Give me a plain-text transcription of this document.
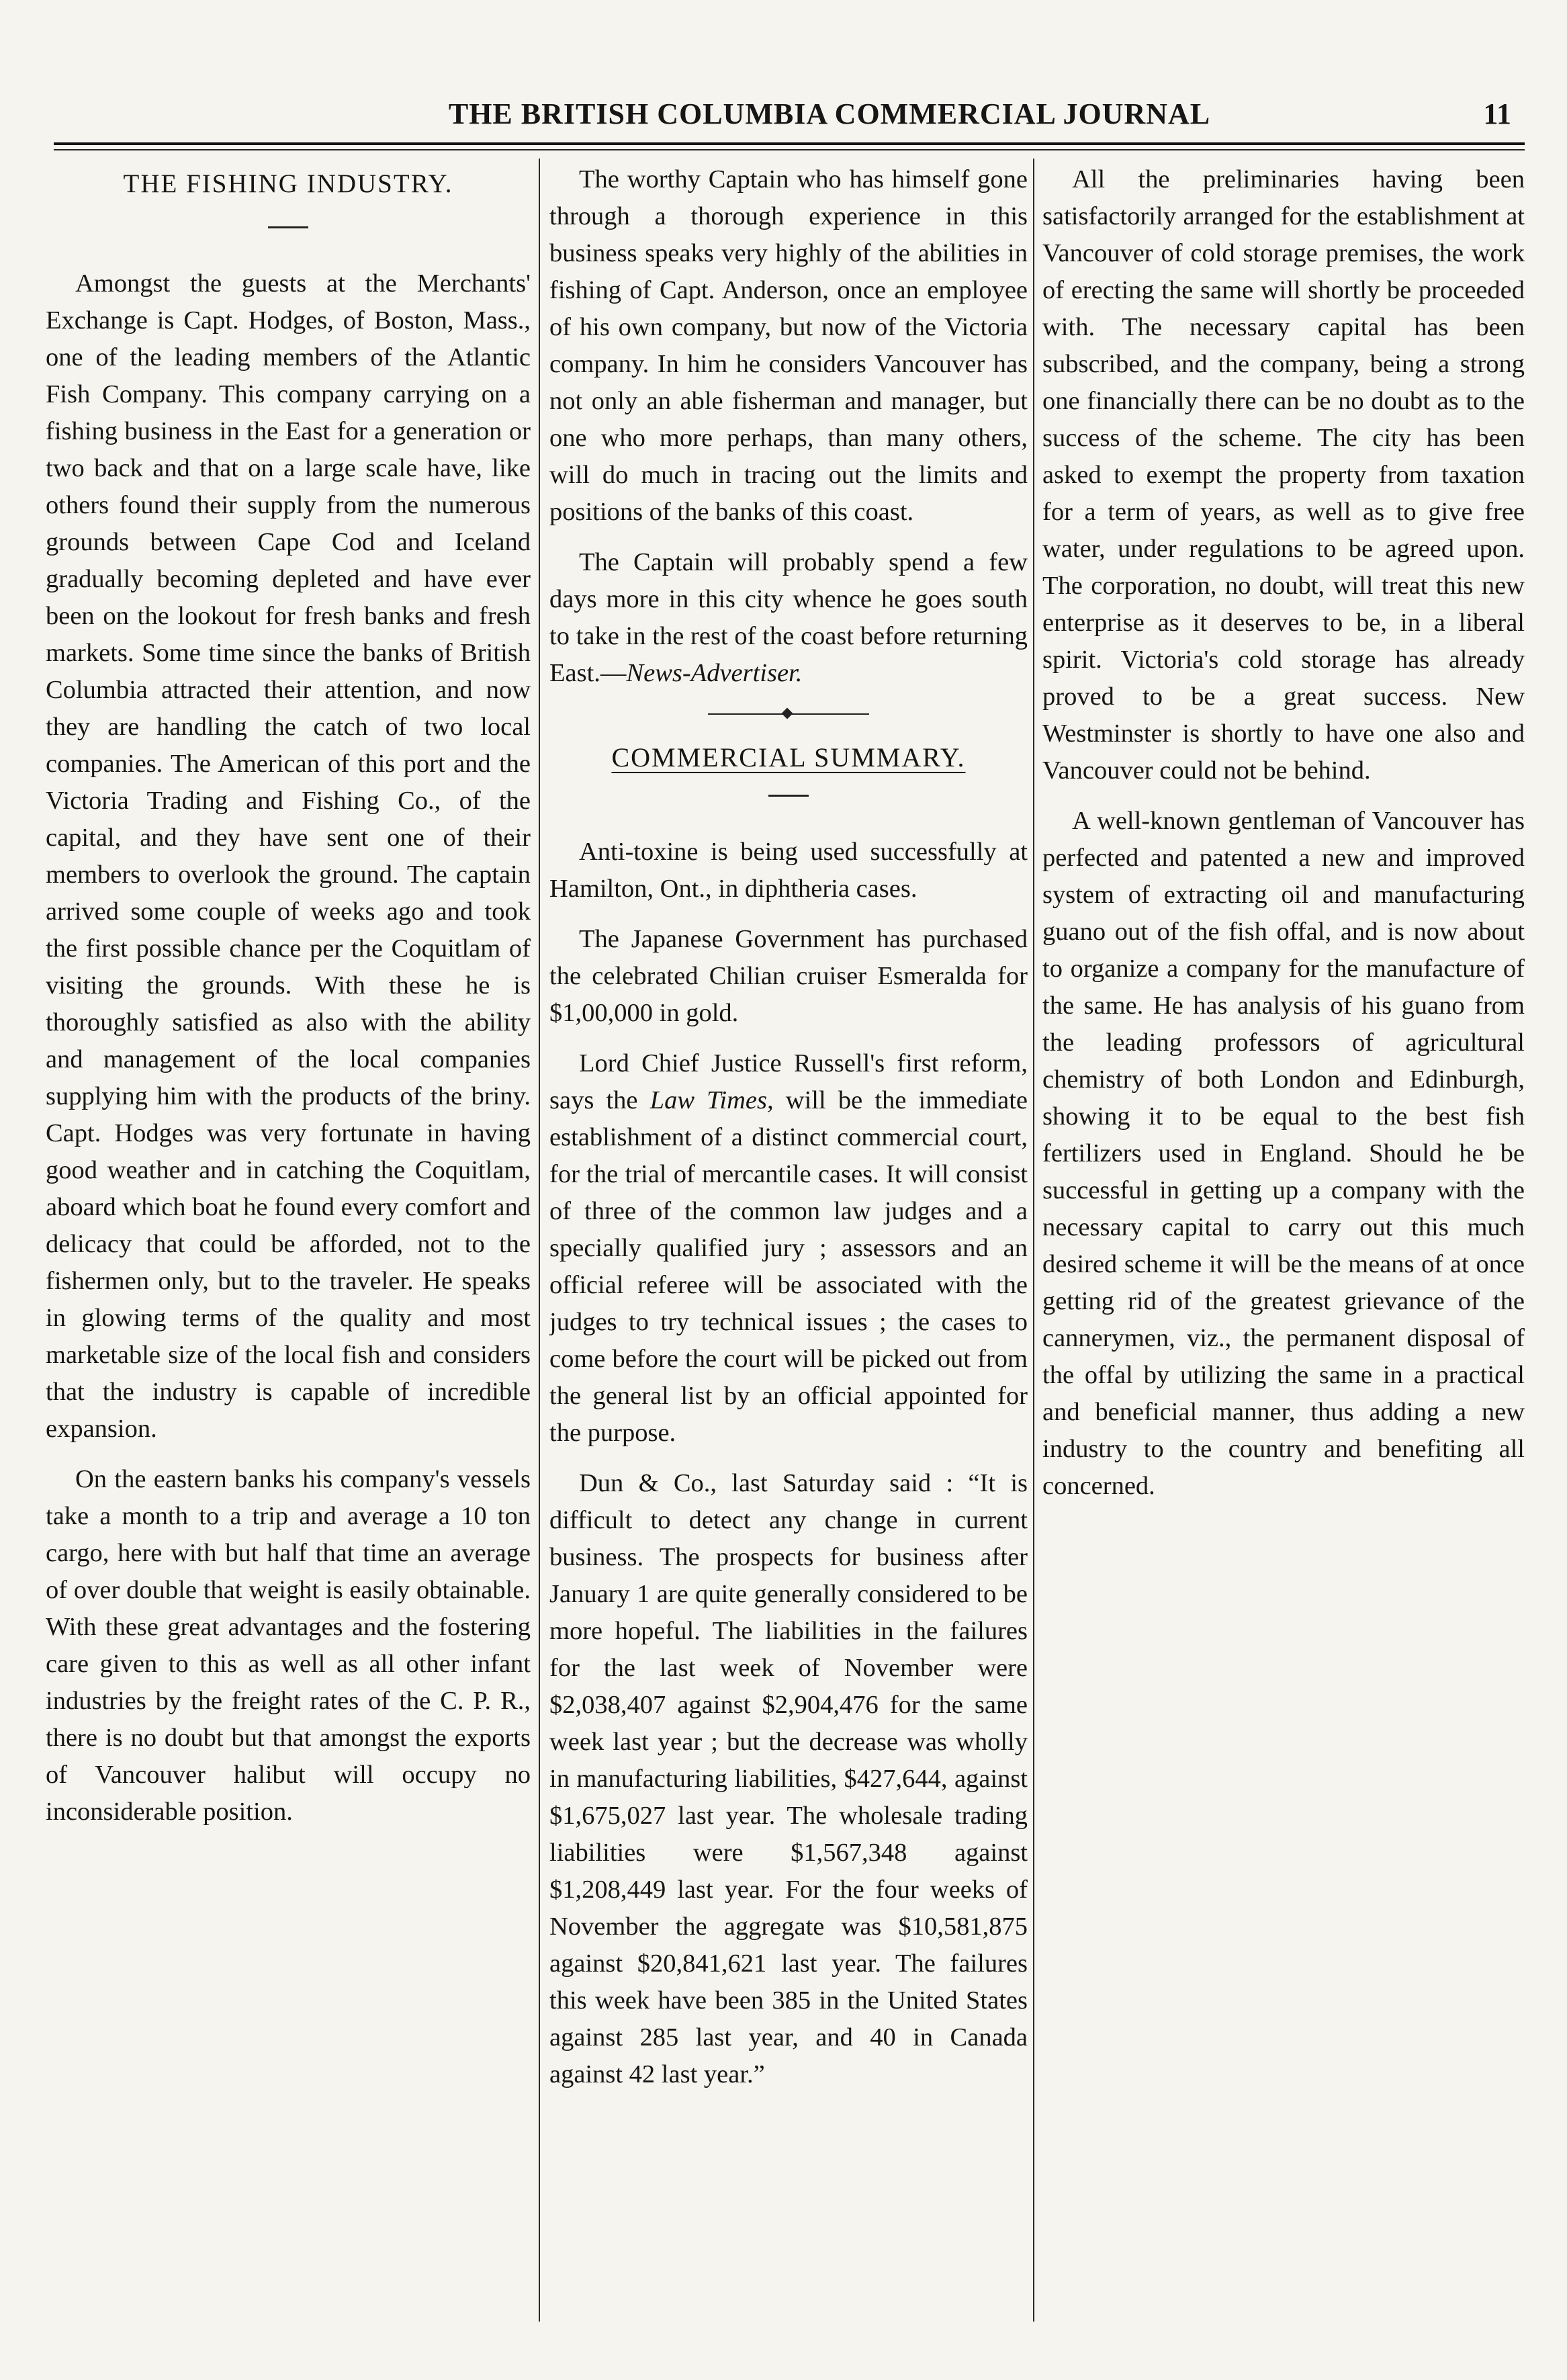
THE BRITISH COLUMBIA COMMERCIAL JOURNAL	11
THE FISHING INDUSTRY.

Amongst the guests at the Merchants' Exchange is Capt. Hodges, of Boston, Mass., one of the leading members of the Atlantic Fish Company. This company carrying on a fishing business in the East for a generation or two back and that on a large scale have, like others found their supply from the numerous grounds between Cape Cod and Iceland gradually becoming depleted and have ever been on the lookout for fresh banks and fresh markets. Some time since the banks of British Columbia attracted their attention, and now they are handling the catch of two local companies. The American of this port and the Victoria Trading and Fishing Co., of the capital, and they have sent one of their members to overlook the ground. The captain arrived some couple of weeks ago and took the first possible chance per the Coquitlam of visiting the grounds. With these he is thoroughly satisfied as also with the ability and management of the local companies supplying him with the products of the briny. Capt. Hodges was very fortunate in having good weather and in catching the Coquitlam, aboard which boat he found every comfort and delicacy that could be afforded, not to the fishermen only, but to the traveler. He speaks in glowing terms of the quality and most marketable size of the local fish and considers that the industry is capable of incredible expansion.

On the eastern banks his company's vessels take a month to a trip and average a 10 ton cargo, here with but half that time an average of over double that weight is easily obtainable. With these great advantages and the fostering care given to this as well as all other infant industries by the freight rates of the C. P. R., there is no doubt but that amongst the exports of Vancouver halibut will occupy no inconsiderable position.

The worthy Captain who has himself gone through a thorough experience in this business speaks very highly of the abilities in fishing of Capt. Anderson, once an employee of his own company, but now of the Victoria company. In him he considers Vancouver has not only an able fisherman and manager, but one who more perhaps, than many others, will do much in tracing out the limits and positions of the banks of this coast.

The Captain will probably spend a few days more in this city whence he goes south to take in the rest of the coast before returning East.—News-Advertiser.

COMMERCIAL SUMMARY.

Anti-toxine is being used successfully at Hamilton, Ont., in diphtheria cases.

The Japanese Government has purchased the celebrated Chilian cruiser Esmeralda for $1,00,000 in gold.

Lord Chief Justice Russell's first reform, says the Law Times, will be the immediate establishment of a distinct commercial court, for the trial of mercantile cases. It will consist of three of the common law judges and a specially qualified jury ; assessors and an official referee will be associated with the judges to try technical issues ; the cases to come before the court will be picked out from the general list by an official appointed for the purpose.

Dun & Co., last Saturday said : “It is difficult to detect any change in current business. The prospects for business after January 1 are quite generally considered to be more hopeful. The liabilities in the failures for the last week of November were $2,038,407 against $2,904,476 for the same week last year ; but the decrease was wholly in manufacturing liabilities, $427,644, against $1,675,027 last year. The wholesale trading liabilities were $1,567,348 against $1,208,449 last year. For the four weeks of November the aggregate was $10,581,875 against $20,841,621 last year. The failures this week have been 385 in the United States against 285 last year, and 40 in Canada against 42 last year.”

All the preliminaries having been satisfactorily arranged for the establishment at Vancouver of cold storage premises, the work of erecting the same will shortly be proceeded with. The necessary capital has been subscribed, and the company, being a strong one financially there can be no doubt as to the success of the scheme. The city has been asked to exempt the property from taxation for a term of years, as well as to give free water, under regulations to be agreed upon. The corporation, no doubt, will treat this new enterprise as it deserves to be, in a liberal spirit. Victoria's cold storage has already proved to be a great success. New Westminster is shortly to have one also and Vancouver could not be behind.

A well-known gentleman of Vancouver has perfected and patented a new and improved system of extracting oil and manufacturing guano out of the fish offal, and is now about to organize a company for the manufacture of the same. He has analysis of his guano from the leading professors of agricultural chemistry of both London and Edinburgh, showing it to be equal to the best fish fertilizers used in England. Should he be successful in getting up a company with the necessary capital to carry out this much desired scheme it will be the means of at once getting rid of the greatest grievance of the cannerymen, viz., the permanent disposal of the offal by utilizing the same in a practical and beneficial manner, thus adding a new industry to the country and benefiting all concerned.
